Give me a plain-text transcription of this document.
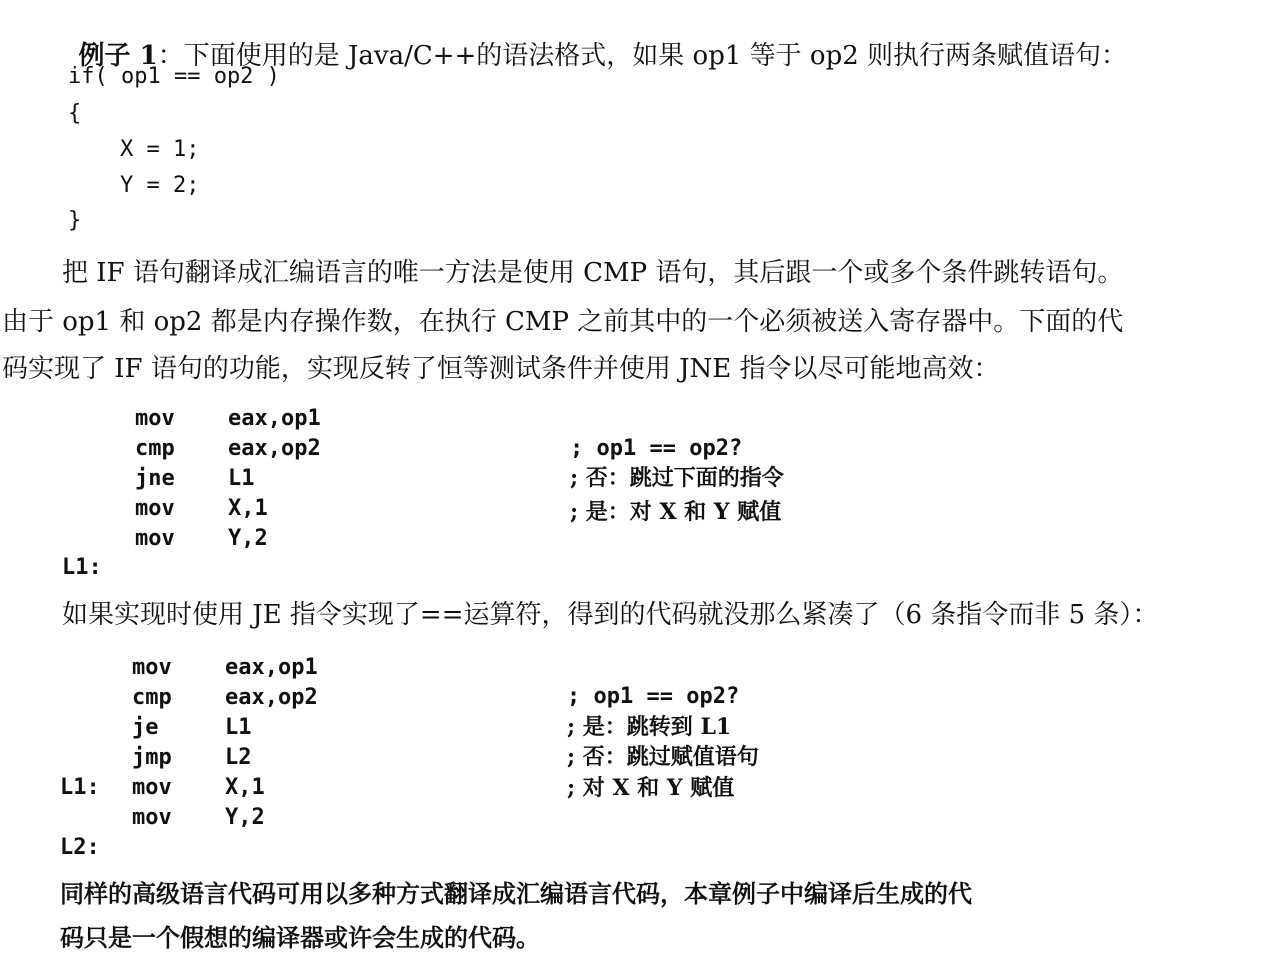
例子 1：下面使用的是 Java/C++的语法格式，如果 op1 等于 op2 则执行两条赋值语句：

if( op1 == op2 )
{
X = 1;
Y = 2;
}
把 IF 语句翻译成汇编语言的唯一方法是使用 CMP 语句，其后跟一个或多个条件跳转语句。
由于 op1 和 op2 都是内存操作数，在执行 CMP 之前其中的一个必须被送入寄存器中。下面的代
码实现了 IF 语句的功能，实现反转了恒等测试条件并使用 JNE 指令以尽可能地高效：
mov eax,op1
cmp eax,op2	; op1 == op2?
jne L1	; 否：跳过下面的指令
mov X,1	; 是：对 X 和 Y 赋值
mov Y,2
L1:
如果实现时使用 JE 指令实现了==运算符，得到的代码就没那么紧凑了（6 条指令而非 5 条）：
mov eax,op1
cmp eax,op2	; op1 == op2?
je	L1	; 是：跳转到 L1
jmp L2	; 否：跳过赋值语句
L1: mov X,1	; 对 X 和 Y 赋值
mov Y,2
L2:
同样的高级语言代码可用以多种方式翻译成汇编语言代码，本章例子中编译后生成的代
码只是一个假想的编译器或许会生成的代码。
